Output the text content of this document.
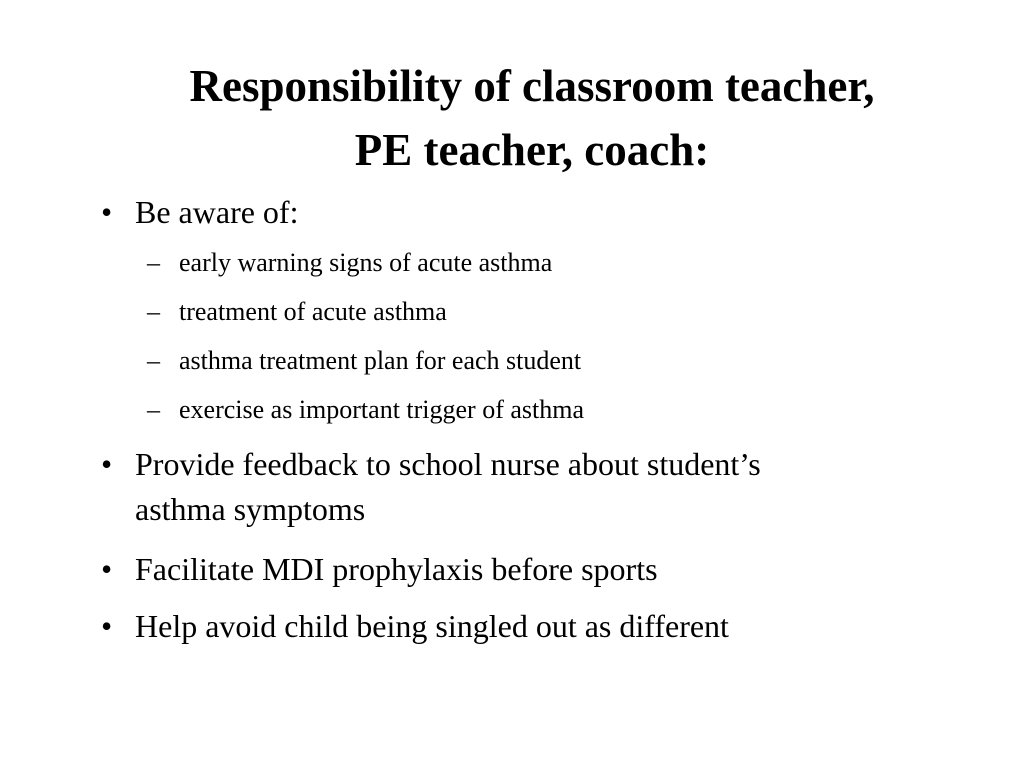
Responsibility of classroom teacher,
PE teacher, coach:
• Be aware of:
– early warning signs of acute asthma
– treatment of acute asthma
– asthma treatment plan for each student
– exercise as important trigger of asthma
• Provide feedback to school nurse about student’s
asthma symptoms
• Facilitate MDI prophylaxis before sports
• Help avoid child being singled out as different
